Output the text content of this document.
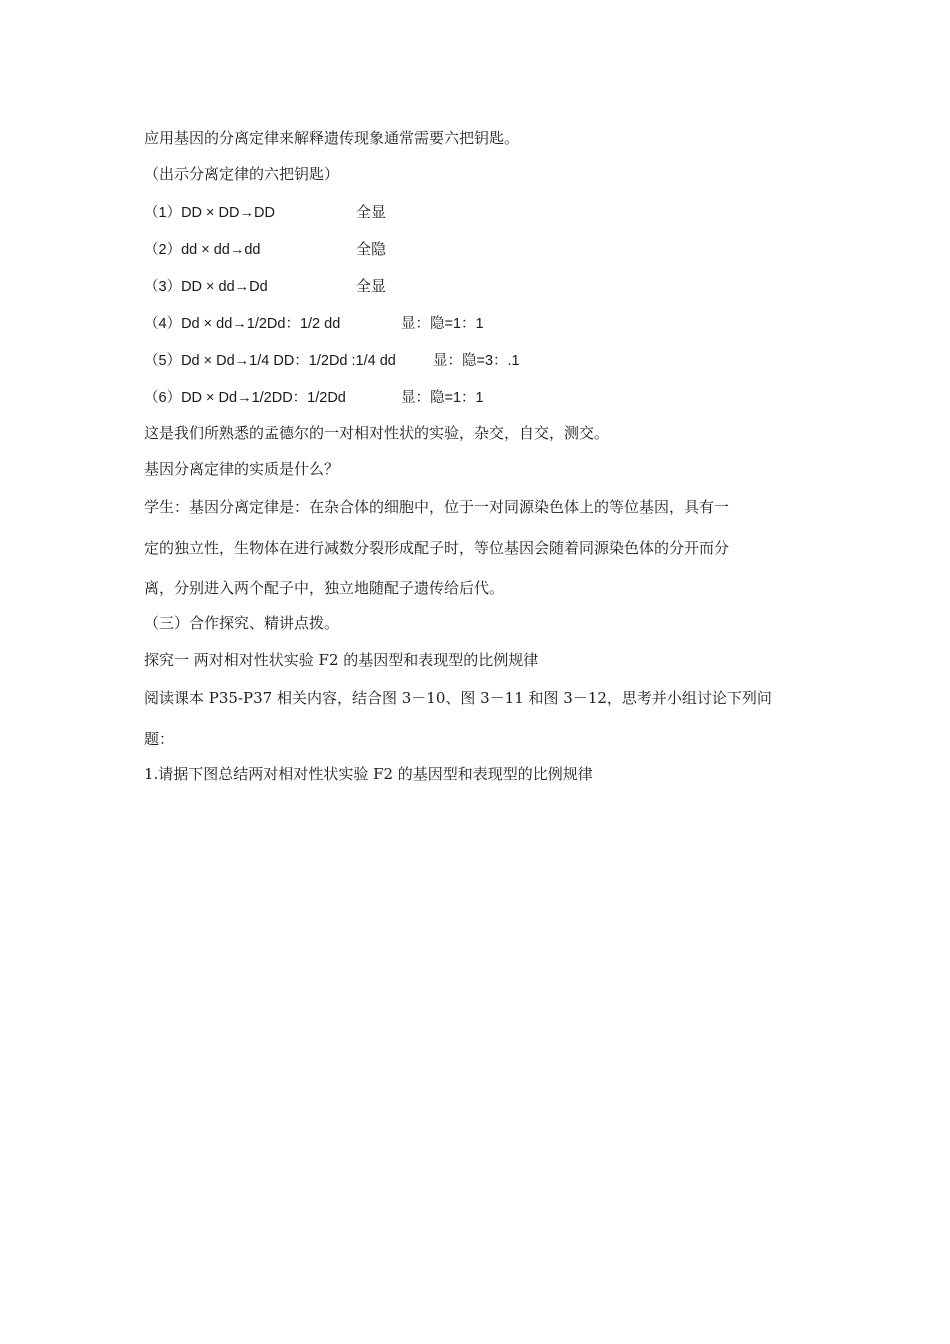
应用基因的分离定律来解释遗传现象通常需要六把钥匙。
（出示分离定律的六把钥匙）
（1）DD × DD→DD	全显
（2）dd × dd→dd	全隐
（3）DD × dd→Dd	全显
（4）Dd × dd→1/2Dd：1/2 dd	显：隐=1：1
（5）Dd × Dd→1/4 DD：1/2Dd :1/4 dd	显：隐=3：.1
（6）DD × Dd→1/2DD：1/2Dd	显：隐=1：1
这是我们所熟悉的孟德尔的一对相对性状的实验，杂交，自交，测交。
基因分离定律的实质是什么？
学生：基因分离定律是：在杂合体的细胞中，位于一对同源染色体上的等位基因，具有一
定的独立性，生物体在进行减数分裂形成配子时，等位基因会随着同源染色体的分开而分
离，分别进入两个配子中，独立地随配子遗传给后代。
（三）合作探究、精讲点拨。
探究一 两对相对性状实验 F2 的基因型和表现型的比例规律
阅读课本 P35-P37 相关内容，结合图 3－10、图 3－11 和图 3－12，思考并小组讨论下列问
题：
1.请据下图总结两对相对性状实验 F2 的基因型和表现型的比例规律
